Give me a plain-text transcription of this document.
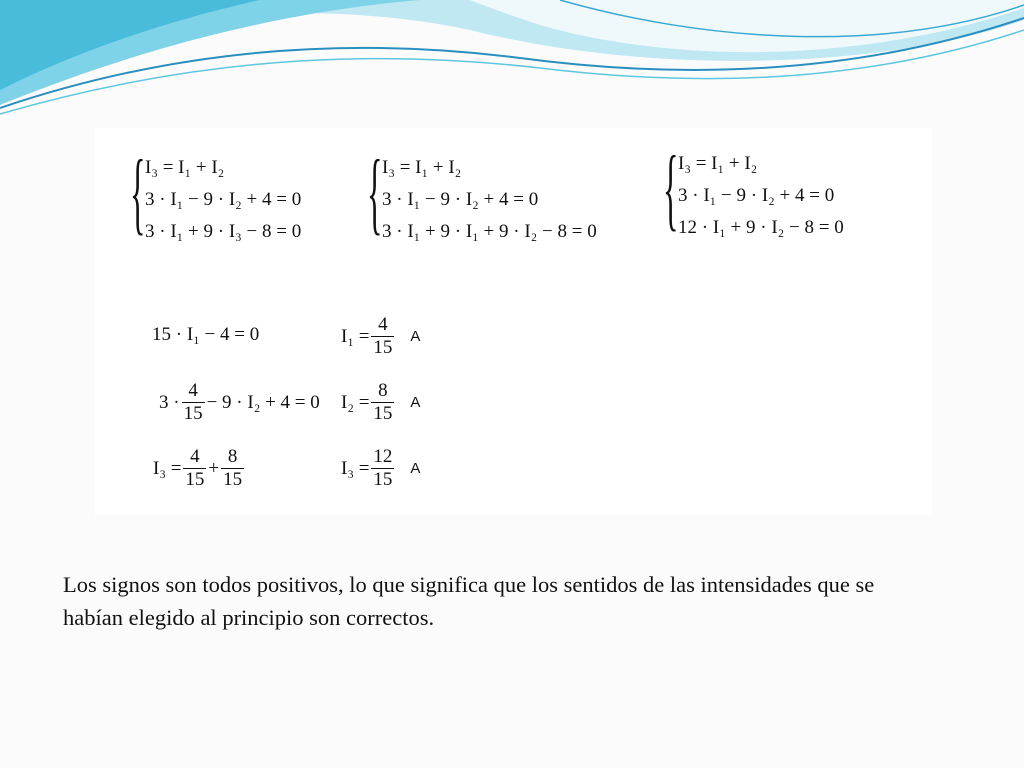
{ I₃ = I₁ + I₂
3 · I₁ − 9 · I₂ + 4 = 0
3 · I₁ + 9 · I₃ − 8 = 0 { I₃ = I₁ + I₂
3 · I₁ − 9 · I₂ + 4 = 0
3 · I₁ + 9 · I₁ + 9 · I₂ − 8 = 0 { I₃ = I₁ + I₂
3 · I₁ − 9 · I₂ + 4 = 0
12 · I₁ + 9 · I₂ − 8 = 0
15 · I₁ − 4 = 0
$3 \cdot \frac{4}{15} - 9 \cdot I_2 + 4 = 0$
$I_3 = \frac{4}{15} + \frac{8}{15}$
$I_1 = \frac{4}{15}$ A
$I_2 = \frac{8}{15}$ A
$I_3 = \frac{12}{15}$ A

Los signos son todos positivos, lo que significa que los sentidos de las intensidades que se habían elegido al principio son correctos.
